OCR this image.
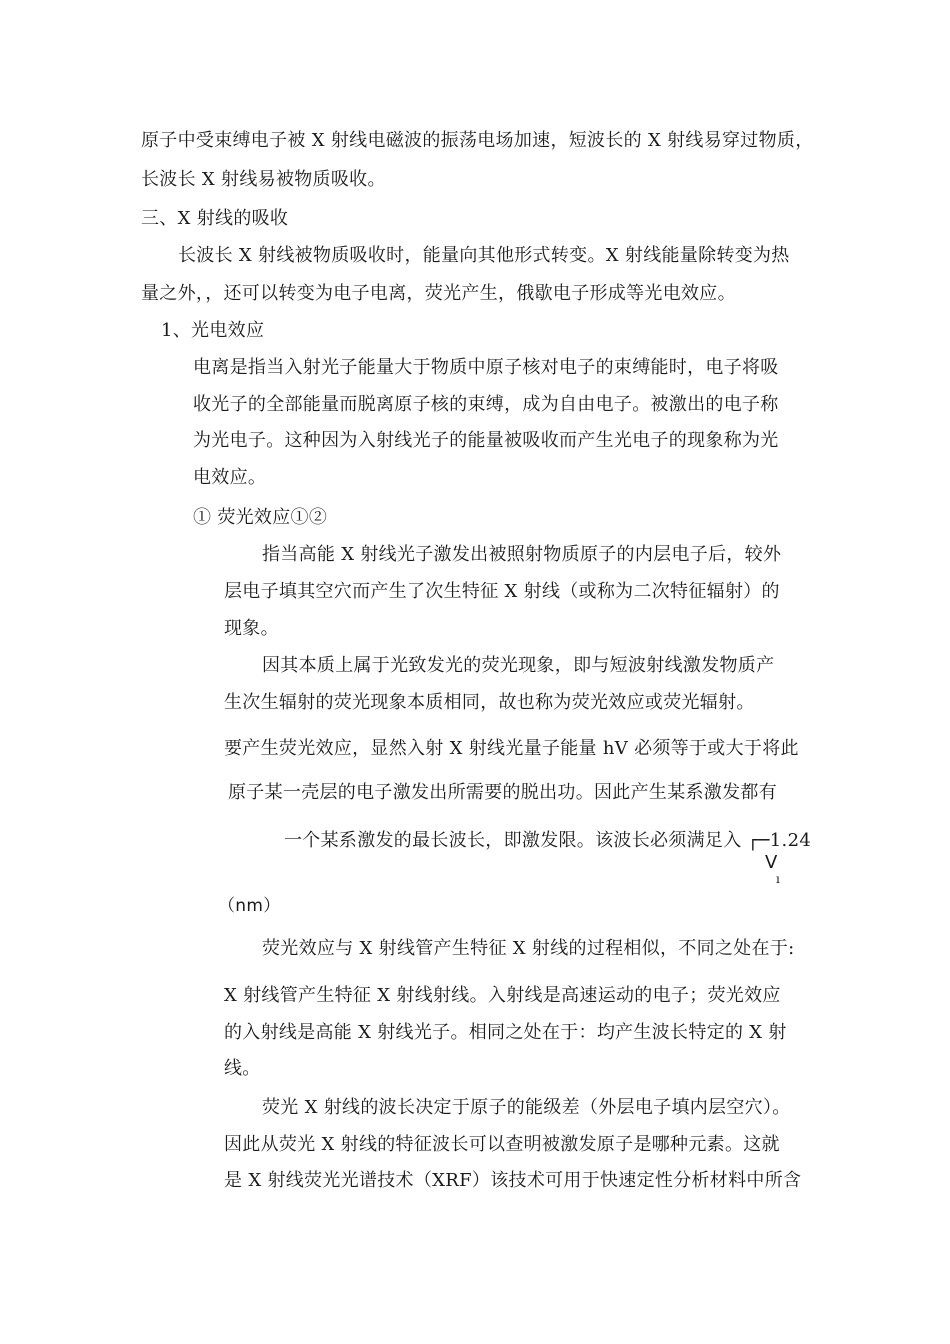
原子中受束缚电子被 X 射线电磁波的振荡电场加速，短波长的 X 射线易穿过物质，
长波长 X 射线易被物质吸收。
三、X 射线的吸收
长波长 X 射线被物质吸收时，能量向其他形式转变。X 射线能量除转变为热
量之外，，还可以转变为电子电离，荧光产生，俄歇电子形成等光电效应。
1、光电效应
电离是指当入射光子能量大于物质中原子核对电子的束缚能时，电子将吸
收光子的全部能量而脱离原子核的束缚，成为自由电子。被激出的电子称
为光电子。这种因为入射线光子的能量被吸收而产生光电子的现象称为光
电效应。
① 荧光效应①②
指当高能 X 射线光子激发出被照射物质原子的内层电子后，较外
层电子填其空穴而产生了次生特征 X 射线（或称为二次特征辐射）的
现象。
因其本质上属于光致发光的荧光现象，即与短波射线激发物质产
生次生辐射的荧光现象本质相同，故也称为荧光效应或荧光辐射。
要产生荧光效应，显然入射 X 射线光量子能量 hV 必须等于或大于将此
原子某一壳层的电子激发出所需要的脱出功。因此产生某系激发都有
一个某系激发的最长波长，即激发限。该波长必须满足入 ┌─1.24
V
ı
（nm）
荧光效应与 X 射线管产生特征 X 射线的过程相似，不同之处在于:
X 射线管产生特征 X 射线射线。入射线是高速运动的电子；荧光效应
的入射线是高能 X 射线光子。相同之处在于：均产生波长特定的 X 射
线。
荧光 X 射线的波长决定于原子的能级差（外层电子填内层空穴）。
因此从荧光 X 射线的特征波长可以查明被激发原子是哪种元素。这就
是 X 射线荧光光谱技术（XRF）该技术可用于快速定性分析材料中所含
